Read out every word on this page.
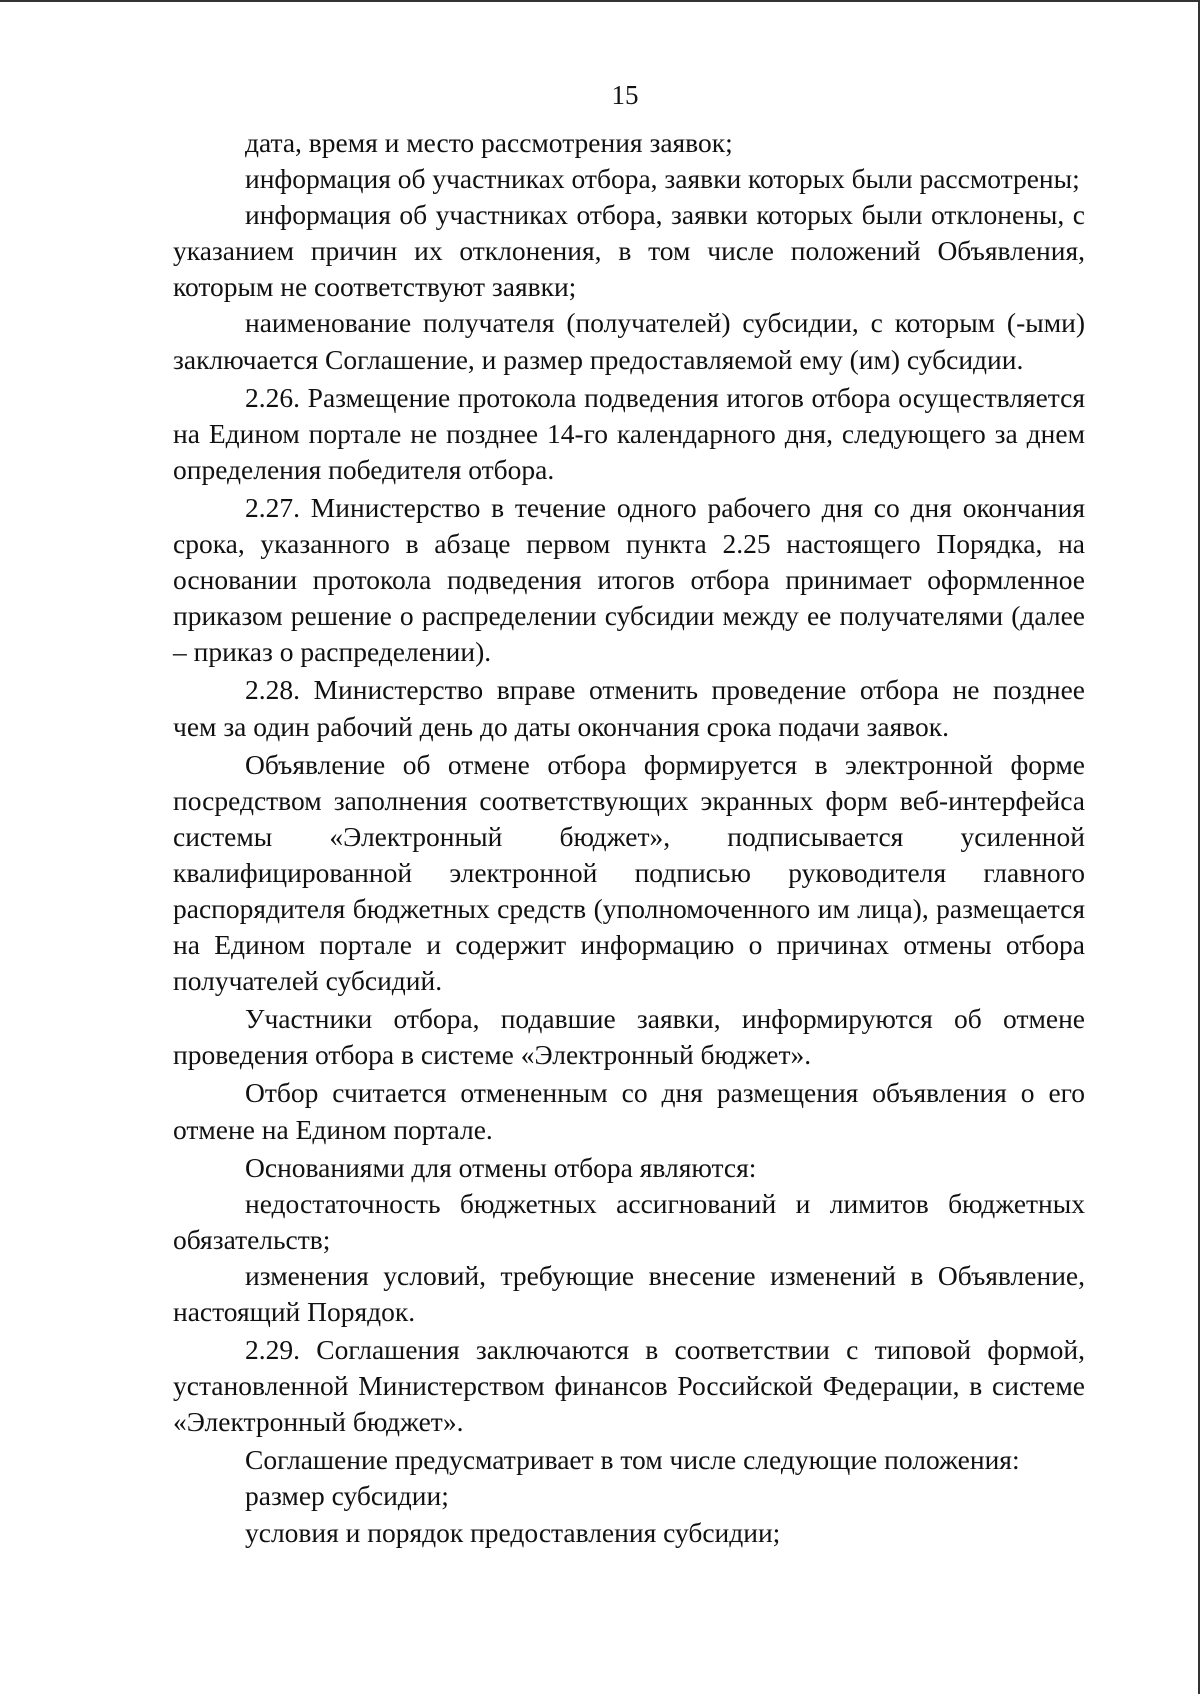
15

дата, время и место рассмотрения заявок;

информация об участниках отбора, заявки которых были рассмотрены;

информация об участниках отбора, заявки которых были отклонены, с указанием причин их отклонения, в том числе положений Объявления, которым не соответствуют заявки;

наименование получателя (получателей) субсидии, с которым (-ыми) заключается Соглашение, и размер предоставляемой ему (им) субсидии.

2.26. Размещение протокола подведения итогов отбора осуществляется на Едином портале не позднее 14-го календарного дня, следующего за днем определения победителя отбора.

2.27. Министерство в течение одного рабочего дня со дня окончания срока, указанного в абзаце первом пункта 2.25 настоящего Порядка, на основании протокола подведения итогов отбора принимает оформленное приказом решение о распределении субсидии между ее получателями (далее – приказ о распределении).

2.28. Министерство вправе отменить проведение отбора не позднее чем за один рабочий день до даты окончания срока подачи заявок.

Объявление об отмене отбора формируется в электронной форме посредством заполнения соответствующих экранных форм веб-интерфейса системы «Электронный бюджет», подписывается усиленной квалифицированной электронной подписью руководителя главного распорядителя бюджетных средств (уполномоченного им лица), размещается на Едином портале и содержит информацию о причинах отмены отбора получателей субсидий.

Участники отбора, подавшие заявки, информируются об отмене проведения отбора в системе «Электронный бюджет».

Отбор считается отмененным со дня размещения объявления о его отмене на Едином портале.

Основаниями для отмены отбора являются:

недостаточность бюджетных ассигнований и лимитов бюджетных обязательств;

изменения условий, требующие внесение изменений в Объявление, настоящий Порядок.

2.29. Соглашения заключаются в соответствии с типовой формой, установленной Министерством финансов Российской Федерации, в системе «Электронный бюджет».

Соглашение предусматривает в том числе следующие положения:

размер субсидии;

условия и порядок предоставления субсидии;
